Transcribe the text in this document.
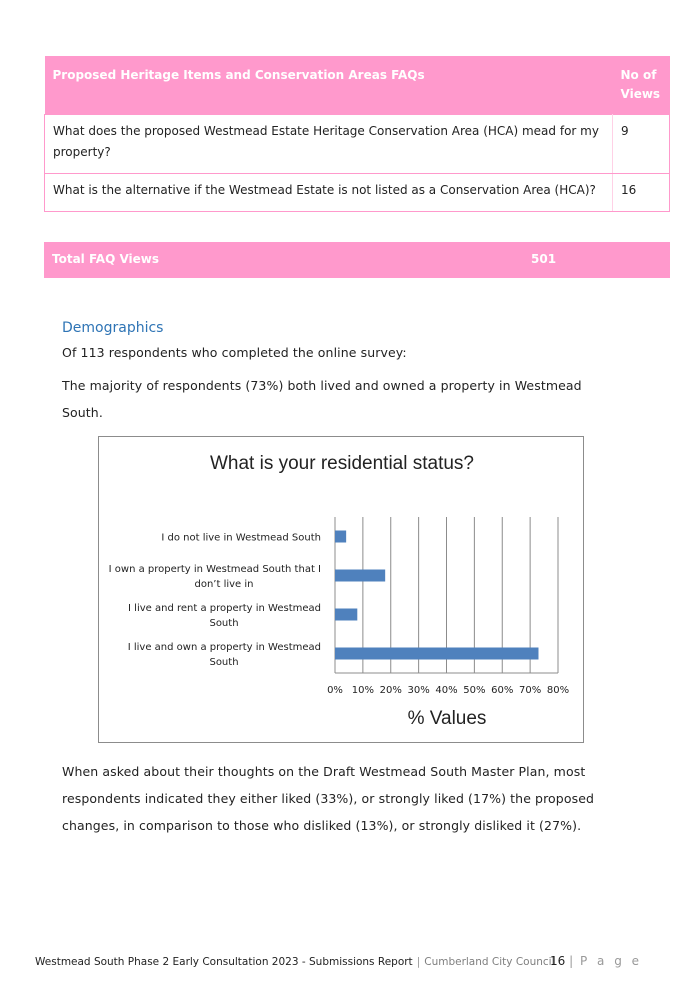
Proposed Heritage Items and Conservation Areas FAQs	No of Views
What does the proposed Westmead Estate Heritage Conservation Area (HCA) mead for my property?	9
What is the alternative if the Westmead Estate is not listed as a Conservation Area (HCA)?	16
Total FAQ Views	501
Demographics
Of 113 respondents who completed the online survey:
The majority of respondents (73%) both lived and owned a property in Westmead South.
What is your residential status?
0% 10% 20% 30% 40% 50% 60% 70% 80%
I do not live in Westmead South
I own a property in Westmead South that I
don’t live in
I live and rent a property in Westmead
South
I live and own a property in Westmead
South
% Values
When asked about their thoughts on the Draft Westmead South Master Plan, most respondents indicated they either liked (33%), or strongly liked (17%) the proposed changes, in comparison to those who disliked (13%), or strongly disliked it (27%).
Westmead South Phase 2 Early Consultation 2023 - Submissions Report | Cumberland City Council
16 | P a g e
